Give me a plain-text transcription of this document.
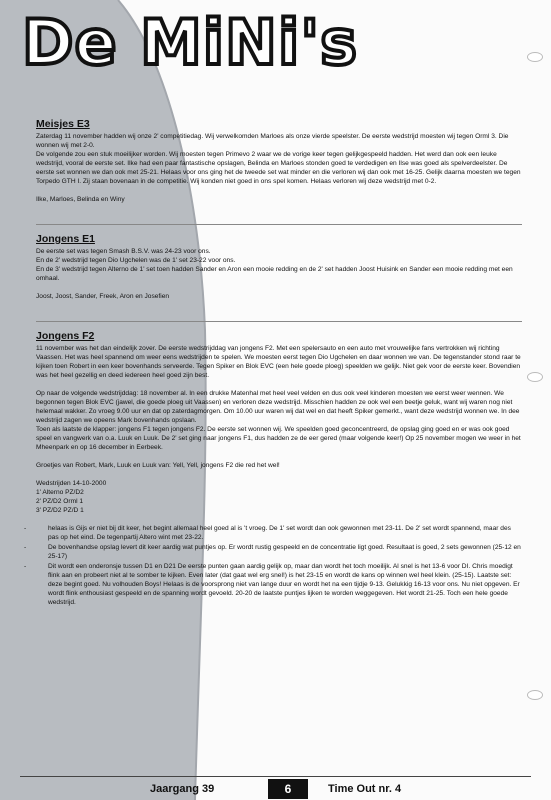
De MiNi's
Meisjes E3

Zaterdag 11 november hadden wij onze 2' competitiedag. Wij verwelkomden Marloes als onze vierde speelster. De eerste wedstrijd moesten wij tegen Orml 3. Die wonnen wij met 2-0.

De volgende zou een stuk moeilijker worden. Wij moesten tegen Primevo 2 waar we de vorige keer tegen gelijkgespeeld hadden. Het werd dan ook een leuke wedstrijd, vooral de eerste set. Ilke had een paar fantastische opslagen, Belinda en Marloes stonden goed te verdedigen en Ilse was goed als spelverdeelster. De eerste set wonnen we dan ook met 25-21. Helaas voor ons ging het de tweede set wat minder en die verloren wij dan ook met 16-25. Gelijk daarna moesten we tegen Torpedo GTH I. Zij staan bovenaan in de competitie. Wij konden niet goed in ons spel komen. Helaas verloren wij deze wedstrijd met 0-2.

Ilke, Marloes, Belinda en Winy

Jongens E1
De eerste set was tegen Smash B.S.V. was 24-23 voor ons.
En de 2' wedstrijd tegen Dio Ugchelen was de 1' set 23-22 voor ons.

En de 3' wedstrijd tegen Alterno de 1' set toen hadden Sander en Aron een mooie redding en de 2' set hadden Joost Huisink en Sander een mooie redding met een omhaal.

Joost, Joost, Sander, Freek, Aron en Josefien

Jongens F2

11 november was het dan eindelijk zover. De eerste wedstrijddag van jongens F2. Met een spelersauto en een auto met vrouwelijke fans vertrokken wij richting Vaassen. Het was heel spannend om weer eens wedstrijden te spelen. We moesten eerst tegen Dio Ugchelen en daar wonnen we van. De tegenstander stond raar te kijken toen Robert in een keer bovenhands serveerde. Tegen Spiker en Blok EVC (een hele goede ploeg) speelden we gelijk. Niet gek voor de eerste keer. Bovendien was het heel gezellig en deed iedereen heel goed zijn best.

Op naar de volgende wedstrijddag: 18 november al. In een drukke Matenhal met heel veel velden en dus ook veel kinderen moesten we eerst weer wennen. We begonnen tegen Blok EVC (jawel, die goede ploeg uit Vaassen) en verloren deze wedstrijd. Misschien hadden ze ook wel een beetje geluk, want wij waren nog niet helemaal wakker. Zo vroeg 9.00 uur en dat op zaterdagmorgen. Om 10.00 uur waren wij dat wel en dat heeft Spiker gemerkt., want deze wedstrijd wonnen we. In dee wedstrijd zagen we opeens Mark bovenhands opslaan.

Toen als laatste de klapper: jongens F1 tegen jongens F2. De eerste set wonnen wij. We speelden goed geconcentreerd, de opslag ging goed en er was ook goed speel en vangwerk van o.a. Luuk en Luuk. De 2' set ging naar jongens F1, dus hadden ze de eer gered (maar volgende keer!) Op 25 november mogen we weer in het Mheenpark en op 16 december in Eerbeek.

Groetjes van Robert, Mark, Luuk en Luuk van: Yell, Yell, jongens F2 die red het wel!

Wedstrijden 14-10-2000
1' Alterno PZ/D2
2' PZ/D2 Orml 1
3' PZ/D2 PZ/D 1
- helaas is Gijs er niet bij dit keer, het begint allemaal heel goed al is 't vroeg. De 1' set wordt dan ook gewonnen met 23-11. De 2' set wordt spannend, maar des pas op het eind. De tegenpartij Altero wint met 23-22.
- De bovenhandse opslag levert dit keer aardig wat puntjes op. Er wordt rustig gespeeld en de concentratie ligt goed. Resultaat is goed, 2 sets gewonnen (25-12 en 25-17)
- Dit wordt een onderonsje tussen D1 en D21 De eerste punten gaan aardig gelijk op, maar dan wordt het toch moeilijk. Al snel is het 13-6 voor DI. Chris moedigt flink aan en probeert niet al te somber te kijken. Even later (dat gaat wel erg snel!) is het 23-15 en wordt de kans op winnen wel heel klein. (25-15). Laatste set: deze begint goed. Nu volhouden Boys! Helaas is de voorsprong niet van lange duur en wordt het na een tijdje 9-13. Gelukkig 16-13 voor ons. Nu niet opgeven. Er wordt flink enthousiast gespeeld en de spanning wordt gevoeld. 20-20 de laatste puntjes lijken te worden weggegeven. Het wordt 21-25. Toch een hele goede wedstrijd.
Jaargang 39	6	Time Out nr. 4
